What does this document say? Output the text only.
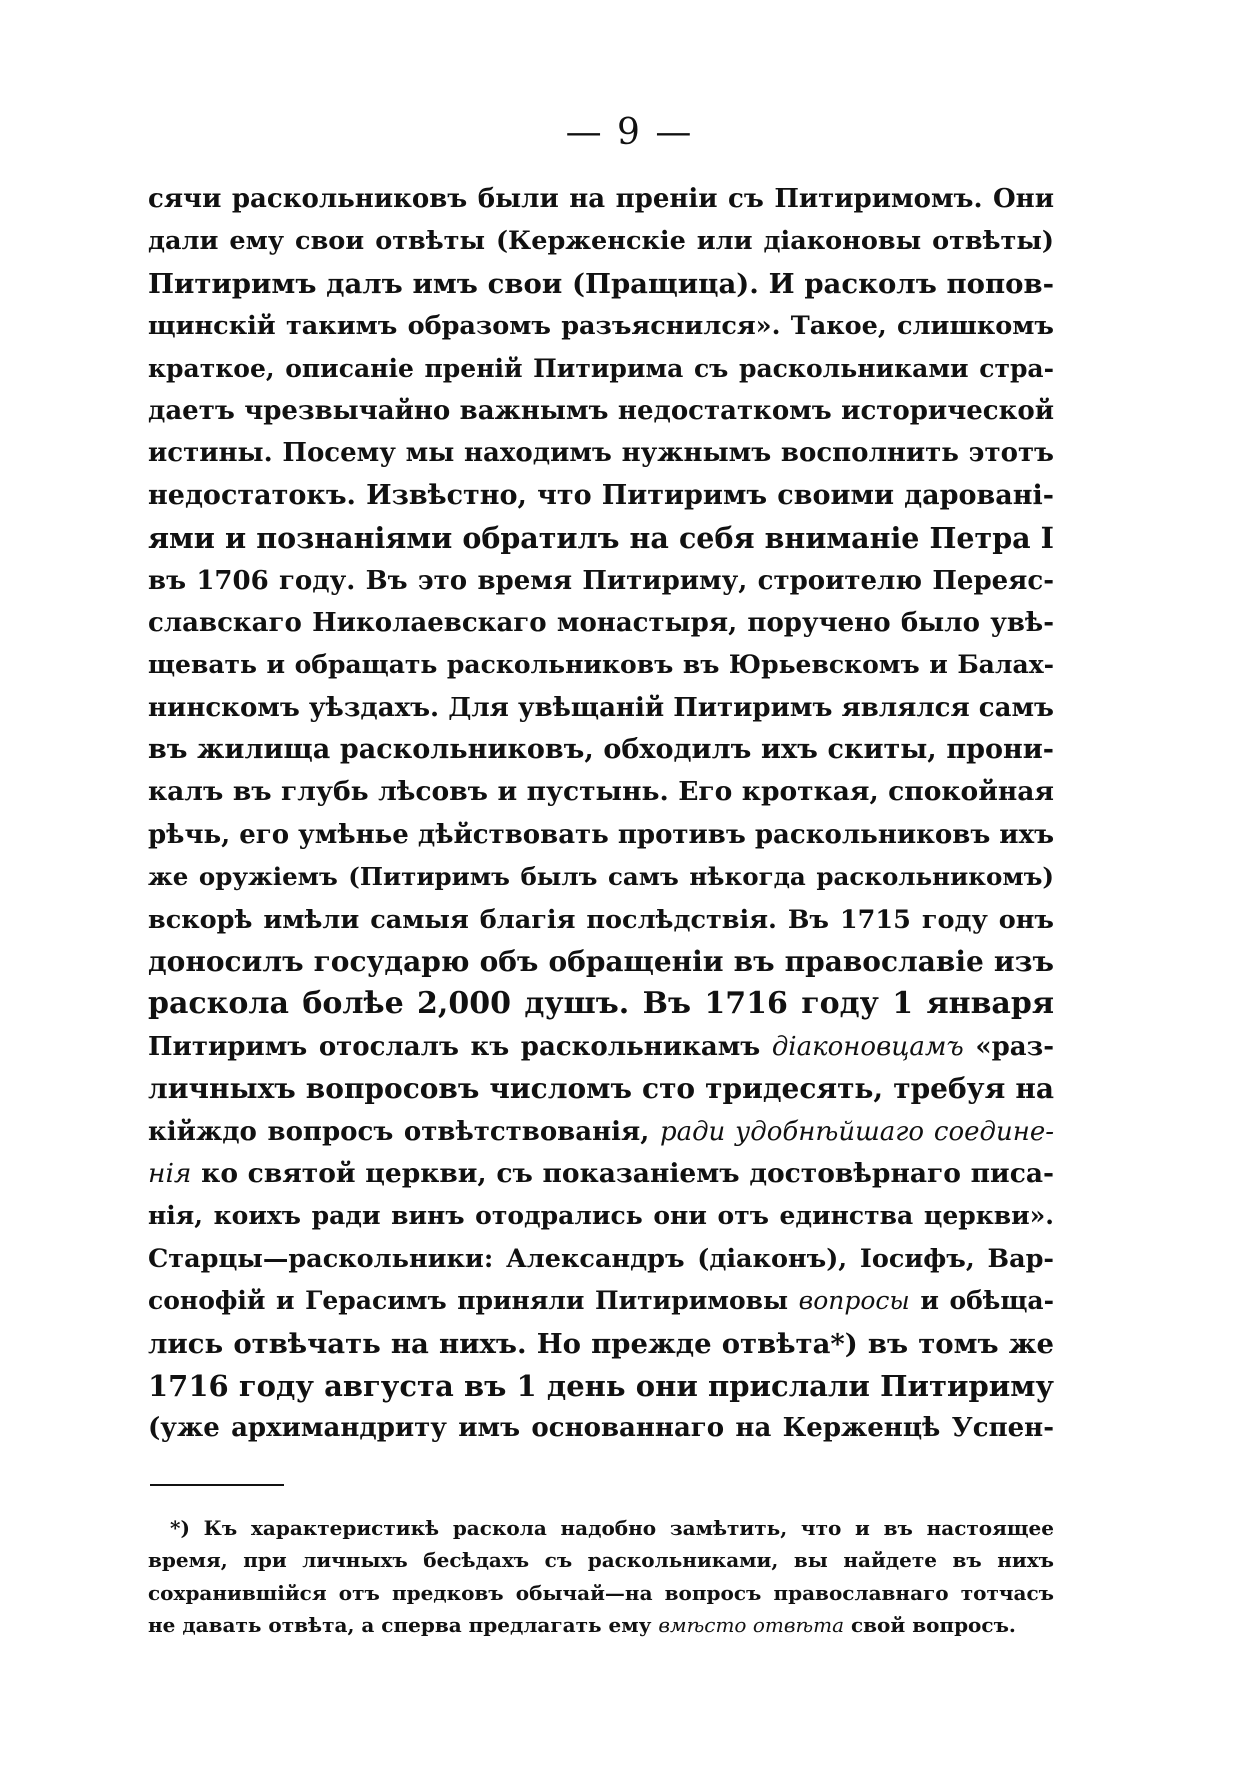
— 9 —
сячи раскольниковъ были на преніи съ Питиримомъ. Они
дали ему свои отвѣты (Керженскіе или діаконовы отвѣты)
Питиримъ далъ имъ свои (Пращица). И расколъ попов-
щинскій такимъ образомъ разъяснился». Такое, слишкомъ
краткое, описаніе преній Питирима съ раскольниками стра-
даетъ чрезвычайно важнымъ недостаткомъ исторической
истины. Посему мы находимъ нужнымъ восполнить этотъ
недостатокъ. Извѣстно, что Питиримъ своими дарованi-
ями и познаніями обратилъ на себя вниманіе Петра I
въ 1706 году. Въ это время Питириму, строителю Переяс-
славскаго Николаевскаго монастыря, поручено было увѣ-
щевать и обращать раскольниковъ въ Юрьевскомъ и Балах-
нинскомъ уѣздахъ. Для увѣщаній Питиримъ являлся самъ
въ жилища раскольниковъ, обходилъ ихъ скиты, прони-
калъ въ глубь лѣсовъ и пустынь. Его кроткая, спокойная
рѣчь, его умѣнье дѣйствовать противъ раскольниковъ ихъ
же оружіемъ (Питиримъ былъ самъ нѣкогда раскольникомъ)
вскорѣ имѣли самыя благія послѣдствія. Въ 1715 году онъ
доносилъ государю объ обращеніи въ православіе изъ
раскола болѣе 2,000 душъ. Въ 1716 году 1 января
Питиримъ отослалъ къ раскольникамъ діаконовцамъ «раз-
личныхъ вопросовъ числомъ сто тридесять, требуя на
кійждо вопросъ отвѣтствованія, ради удобнѣйшаго соедине-
нія ко святой церкви, съ показаніемъ достовѣрнаго писа-
нія, коихъ ради винъ отодрались они отъ единства церкви».
Старцы—раскольники: Александръ (діаконъ), Іосифъ, Вар-
сонофій и Герасимъ приняли Питиримовы вопросы и обѣща-
лись отвѣчать на нихъ. Но прежде отвѣта*) въ томъ же
1716 году августа въ 1 день они прислали Питириму
(уже архимандриту имъ основаннаго на Керженцѣ Успен-
*) Къ характеристикѣ раскола надобно замѣтить, что и въ настоящее
время, при личныхъ бесѣдахъ съ раскольниками, вы найдете въ нихъ
сохранившійся отъ предковъ обычай—на вопросъ православнаго тотчасъ
не давать отвѣта, а сперва предлагать ему вмѣсто отвѣта свой вопросъ.
